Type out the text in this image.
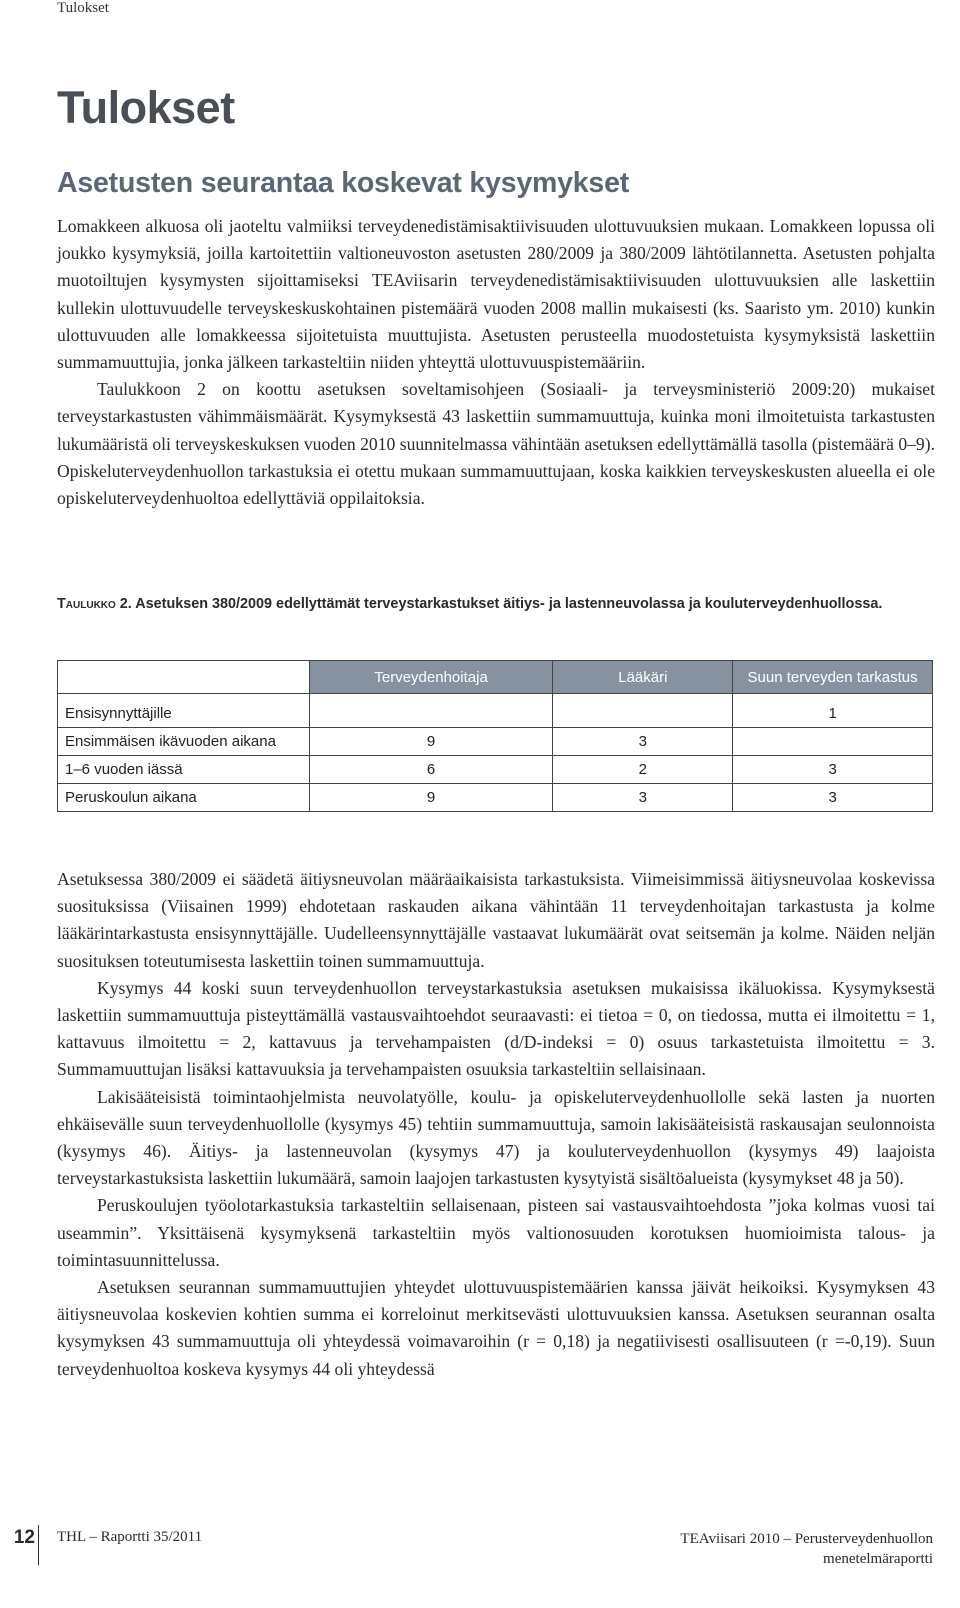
Tulokset
Tulokset
Asetusten seurantaa koskevat kysymykset

Lomakkeen alkuosa oli jaoteltu valmiiksi terveydenedistämisaktiivisuuden ulottuvuuksien mukaan. Lomakkeen lopussa oli joukko kysymyksiä, joilla kartoitettiin valtioneuvoston asetusten 280/2009 ja 380/2009 lähtötilannetta. Asetusten pohjalta muotoiltujen kysymysten sijoittamiseksi TEAviisarin terveydenedistämisaktiivisuuden ulottuvuuksien alle laskettiin kullekin ulottuvuudelle terveyskeskuskohtainen pistemäärä vuoden 2008 mallin mukaisesti (ks. Saaristo ym. 2010) kunkin ulottuvuuden alle lomakkeessa sijoitetuista muuttujista. Asetusten perusteella muodostetuista kysymyksistä laskettiin summamuuttujia, jonka jälkeen tarkasteltiin niiden yhteyttä ulottuvuuspistemääriin.

Taulukkoon 2 on koottu asetuksen soveltamisohjeen (Sosiaali- ja terveysministeriö 2009:20) mukaiset terveystarkastusten vähimmäismäärät. Kysymyksestä 43 laskettiin summamuuttuja, kuinka moni ilmoitetuista tarkastusten lukumääristä oli terveyskeskuksen vuoden 2010 suunnitelmassa vähintään asetuksen edellyttämällä tasolla (pistemäärä 0–9). Opiskeluterveydenhuollon tarkastuksia ei otettu mukaan summamuuttujaan, koska kaikkien terveyskeskusten alueella ei ole opiskeluterveydenhuoltoa edellyttäviä oppilaitoksia.

Taulukko 2. Asetuksen 380/2009 edellyttämät terveystarkastukset äitiys- ja lastenneuvolassa ja kouluterveydenhuollossa.
	Terveydenhoitaja	Lääkäri	Suun terveyden tarkastus
Ensisynnyttäjille			1
Ensimmäisen ikävuoden aikana	9	3	
1–6 vuoden iässä	6	2	3
Peruskoulun aikana	9	3	3

Asetuksessa 380/2009 ei säädetä äitiysneuvolan määräaikaisista tarkastuksista. Viimeisimmissä äitiysneuvolaa koskevissa suosituksissa (Viisainen 1999) ehdotetaan raskauden aikana vähintään 11 terveydenhoitajan tarkastusta ja kolme lääkärintarkastusta ensisynnyttäjälle. Uudelleensynnyttäjälle vastaavat lukumäärät ovat seitsemän ja kolme. Näiden neljän suosituksen toteutumisesta laskettiin toinen summamuuttuja.

Kysymys 44 koski suun terveydenhuollon terveystarkastuksia asetuksen mukaisissa ikäluokissa. Kysymyksestä laskettiin summamuuttuja pisteyttämällä vastausvaihtoehdot seuraavasti: ei tietoa = 0, on tiedossa, mutta ei ilmoitettu = 1, kattavuus ilmoitettu = 2, kattavuus ja tervehampaisten (d/D-indeksi = 0) osuus tarkastetuista ilmoitettu = 3. Summamuuttujan lisäksi kattavuuksia ja tervehampaisten osuuksia tarkasteltiin sellaisinaan.

Lakisääteisistä toimintaohjelmista neuvolatyölle, koulu- ja opiskeluterveydenhuollolle sekä lasten ja nuorten ehkäisevälle suun terveydenhuollolle (kysymys 45) tehtiin summamuuttuja, samoin lakisääteisistä raskausajan seulonnoista (kysymys 46). Äitiys- ja lastenneuvolan (kysymys 47) ja kouluterveydenhuollon (kysymys 49) laajoista terveystarkastuksista laskettiin lukumäärä, samoin laajojen tarkastusten kysytyistä sisältöalueista (kysymykset 48 ja 50).

Peruskoulujen työolotarkastuksia tarkasteltiin sellaisenaan, pisteen sai vastausvaihtoehdosta ”joka kolmas vuosi tai useammin”. Yksittäisenä kysymyksenä tarkasteltiin myös valtionosuuden korotuksen huomioimista talous- ja toimintasuunnittelussa.

Asetuksen seurannan summamuuttujien yhteydet ulottuvuuspistemäärien kanssa jäivät heikoiksi. Kysymyksen 43 äitiysneuvolaa koskevien kohtien summa ei korreloinut merkitsevästi ulottuvuuksien kanssa. Asetuksen seurannan osalta kysymyksen 43 summamuuttuja oli yhteydessä voimavaroihin (r = 0,18) ja negatiivisesti osallisuuteen (r =-0,19). Suun terveydenhuoltoa koskeva kysymys 44 oli yhteydessä

12 THL – Raportti 35/2011	TEAviisari 2010 – Perusterveydenhuollon menetelmäraportti
